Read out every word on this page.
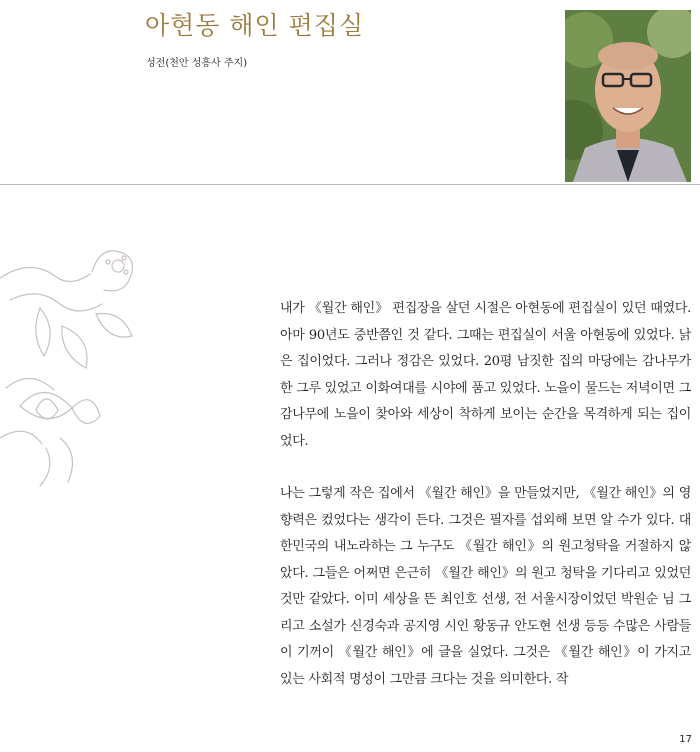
아현동 해인 편집실
성전(천안 성흥사 주지)

내가 《월간 해인》 편집장을 살던 시절은 아현동에 편집실이 있던 때였다. 아마 90년도 중반쯤인 것 같다. 그때는 편집실이 서울 아현동에 있었다. 낡은 집이었다. 그러나 정감은 있었다. 20평 남짓한 집의 마당에는 감나무가 한 그루 있었고 이화여대를 시야에 품고 있었다. 노을이 물드는 저녁이면 그 감나무에 노을이 찾아와 세상이 착하게 보이는 순간을 목격하게 되는 집이었다.

나는 그렇게 작은 집에서 《월간 해인》을 만들었지만, 《월간 해인》의 영향력은 컸었다는 생각이 든다. 그것은 필자를 섭외해 보면 알 수가 있다. 대한민국의 내노라하는 그 누구도 《월간 해인》의 원고청탁을 거절하지 않았다. 그들은 어쩌면 은근히 《월간 해인》의 원고 청탁을 기다리고 있었던 것만 같았다. 이미 세상을 뜬 최인호 선생, 전 서울시장이었던 박원순 님 그리고 소설가 신경숙과 공지영 시인 황동규 안도현 선생 등등 수많은 사람들이 기꺼이 《월간 해인》에 글을 실었다. 그것은 《월간 해인》이 가지고 있는 사회적 명성이 그만큼 크다는 것을 의미한다. 작

17
